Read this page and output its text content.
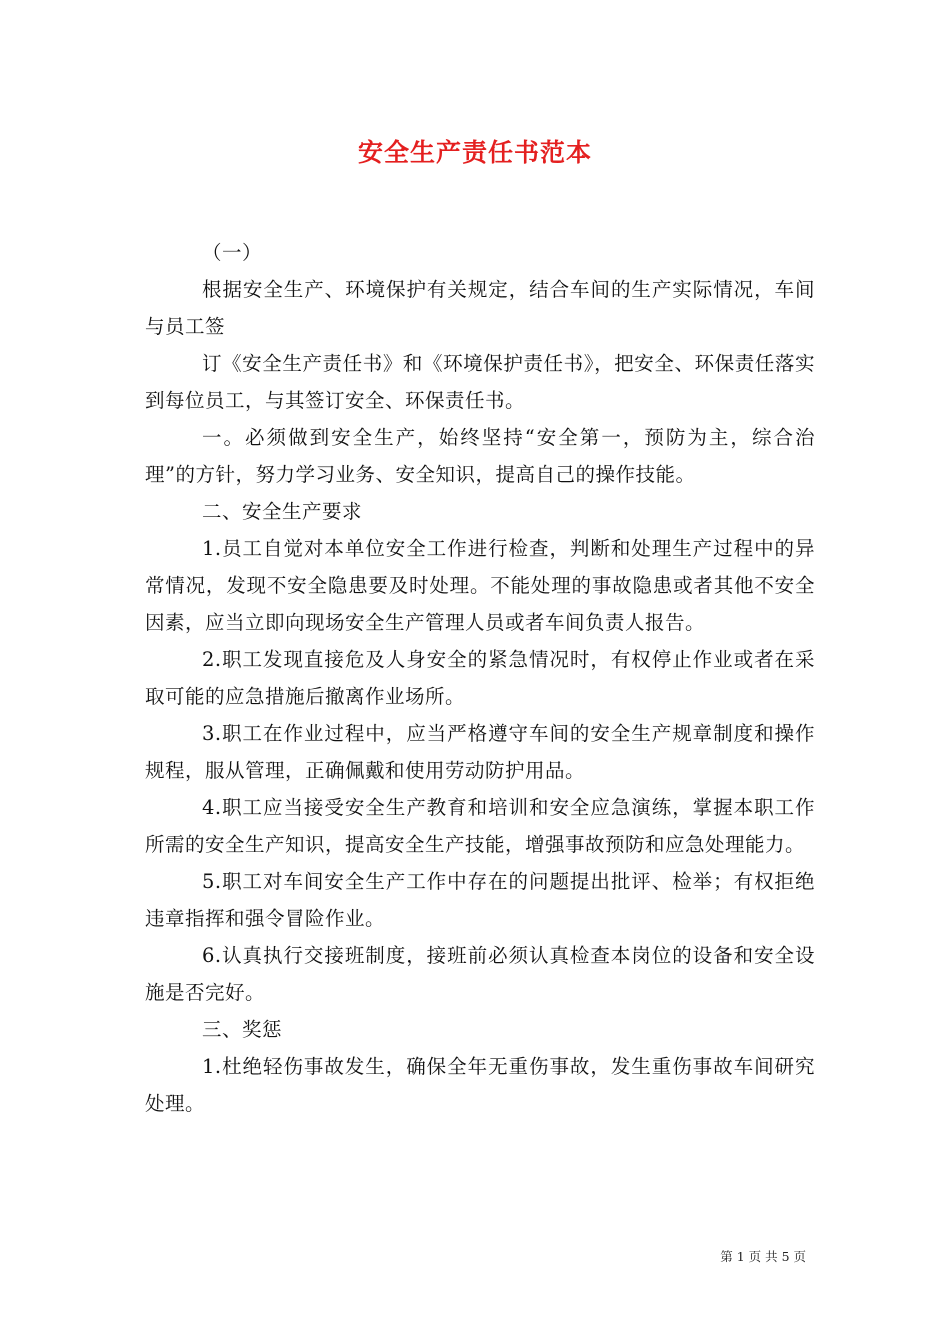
安全生产责任书范本

（一）

根据安全生产、环境保护有关规定，结合车间的生产实际情况，车间与员工签

订《安全生产责任书》和《环境保护责任书》，把安全、环保责任落实到每位员工，与其签订安全、环保责任书。

一。必须做到安全生产，始终坚持“安全第一，预防为主，综合治理”的方针，努力学习业务、安全知识，提高自己的操作技能。

二、安全生产要求

1.员工自觉对本单位安全工作进行检查，判断和处理生产过程中的异常情况，发现不安全隐患要及时处理。不能处理的事故隐患或者其他不安全因素，应当立即向现场安全生产管理人员或者车间负责人报告。

2.职工发现直接危及人身安全的紧急情况时，有权停止作业或者在采取可能的应急措施后撤离作业场所。

3.职工在作业过程中，应当严格遵守车间的安全生产规章制度和操作规程，服从管理，正确佩戴和使用劳动防护用品。

4.职工应当接受安全生产教育和培训和安全应急演练，掌握本职工作所需的安全生产知识，提高安全生产技能，增强事故预防和应急处理能力。

5.职工对车间安全生产工作中存在的问题提出批评、检举；有权拒绝违章指挥和强令冒险作业。

6.认真执行交接班制度，接班前必须认真检查本岗位的设备和安全设施是否完好。

三、奖惩

1.杜绝轻伤事故发生，确保全年无重伤事故，发生重伤事故车间研究处理。

第 1 页 共 5 页
